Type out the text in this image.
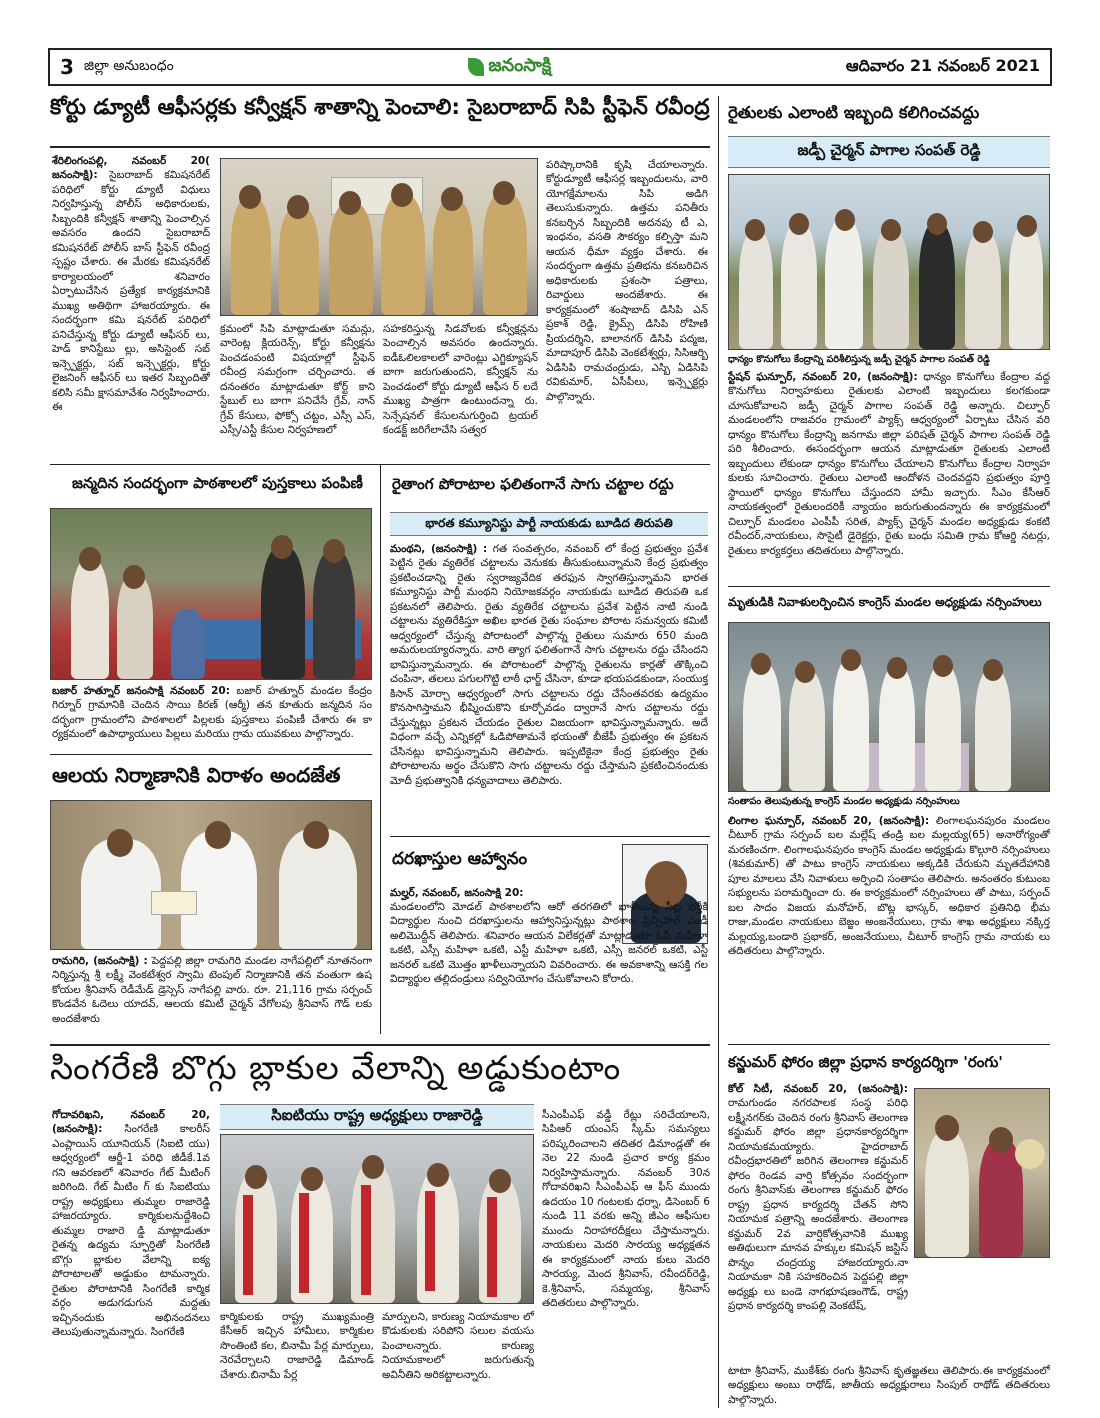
3 జిల్లా అనుబంధం	జనంసాక్షి	ఆదివారం 21 నవంబర్ 2021
కోర్టు డ్యూటీ ఆఫీసర్లకు కన్వీక్షన్ శాతాన్ని పెంచాలి: సైబరాబాద్ సిపి స్టీఫెన్ రవీంద్ర
శేరిలింగంపల్లి, నవంబర్ 20( జనంసాక్షి): సైబరాబాద్ కమిషనరేట్ పరిధిలో కోర్టు డ్యూటీ విధులు నిర్వహిస్తున్న పోలీస్ అధికారులకు, సిబ్బందికి కన్వీక్షన్ శాతాన్ని పెంచాల్సిన అవసరం ఉందని సైబరాబాద్ కమిషనరేట్ పోలీస్ బాస్ స్టీఫెన్ రవీంద్ర స్పష్టం చేశారు. ఈ మేరకు కమిషనరేట్ కార్యాలయంలో శనివారం ఏర్పాటుచేసిన ప్రత్యేక కార్యక్రమానికి ముఖ్య అతిథిగా హాజరయ్యారు. ఈ సందర్భంగా కమి షనరేట్ పరిధిలో పనిచేస్తున్న కోర్టు డ్యూటీ ఆఫీసర్ లు, హెడ్ కానిస్టేబు ల్లు, అసిస్టెంట్ సబ్ ఇన్స్పెక్టర్లు, సబ్ ఇన్స్పెక్టర్లు, కోర్టు లైజనింగ్ ఆఫీసర్ లు ఇతర సిబ్బందితో కలిసి సమీ క్షాసమావేశం నిర్వహించారు. ఈ
క్రమంలో సిపి మాట్లాడుతూ సమన్లు, వారెంట్ల క్లియరెన్స్, కోర్టు కన్వీక్షను పెంచడంపంటి విషయాల్లో స్టీఫెన్ రవీంద్ర సమగ్రంగా చర్చించారు. త దనంతరం మాట్లాడుతూ కోర్ట్ కాని స్టేబుల్ లు బాగా పనిచేసే గ్రేవ్, నాన్ గ్రేవ్ కేసులు, ఫోక్సో చట్టం, ఎస్సీ ఎస్, ఎస్సీ/ఎస్టీ కేసుల నిర్వహణలో
సహకరిస్తున్న సిడవోలకు కన్వీక్షన్లను పెంచాల్సిన అవసరం ఉందన్నారు. ఐడీఓలిలకాలలో వారెంట్లు ఎగ్జిక్యూషన్ బాగా జరుగుతుందని, కన్వీక్షన్ ను పెంచడంలో కోర్టు డ్యూటీ ఆఫీస ర్ లదే ముఖ్య పాత్రగా ఉంటుందన్నా రు. సెన్సేషనల్ కేసులనుగుర్తించి ట్రయల్ కండక్ట్ జరిగేలాచేసి సత్వర
పరిష్కారానికి కృషి చేయాలన్నారు. కోర్టుడ్యూటీ ఆఫీసర్ల ఇబ్బందులను, వారి యోగక్షేమాలను సిపి అడిగి తెలుసుకున్నారు. ఉత్తమ పనితీరు కనబర్చిన సిబ్బందికి అదనపు టీ ఎ, ఇంధనం, వసతి సౌకర్యం కల్పిస్తా మని ఆయన ధీమా వ్యక్తం చేశారు. ఈ సందర్భంగా ఉత్తమ ప్రతిభను కనబరిచిన అధికారులకు ప్రశంసా పత్రాలు, రివార్డులు అందజేశారు. ఈ కార్యక్రమంలో శంషాబాద్ డిసిపి ఎన్ ప్రకాశ్ రెడ్డి, క్రైమ్స్ డిసిపి రోహిణి ప్రియదర్శిని, బాలానగర్ డిసిపి పద్మజ, మాదాపూర్ డిసిపి వెంకటేశ్వర్లు, సిసిఆర్బి ఏడిసిపి రామచంద్రుడు, ఎస్బి ఏడిసిపి రవికుమార్, ఏసీపీలు, ఇన్స్పెక్టర్లు పాల్గొన్నారు.
జన్మదిన సందర్భంగా పాఠశాలలో పుస్తకాలు పంపిణీ
బజార్ హత్నూర్ జనంసాక్షి నవంబర్ 20: బజార్ హత్నూర్ మండల కేంద్రం గిర్నూర్ గ్రామానికి చెందిన సాయి కిరణ్ (ఆర్మీ) తన కూతురు జన్మదిన సం దర్భంగా గ్రామంలోని పాఠశాలలో పిల్లలకు పుస్తకాలు పంపిణీ చేశారు ఈ కా ర్యక్రమంలో ఉపాధ్యాయులు పిల్లలు మరియు గ్రామ యువకులు పాల్గొన్నారు.
ఆలయ నిర్మాణానికి విరాళం అందజేత
రామగిరి, (జనంసాక్షి) : పెద్దపల్లి జిల్లా రామగిరి మండల నాగేపల్లిలో నూతనంగా నిర్మిస్తున్న శ్రీ లక్ష్మీ వెంకటేశ్వర స్వామి టెంపుల్ నిర్మాణానికి తన వంతుగా ఉష కోయల శ్రీనివాస్ రెడీమేడ్ డ్రెస్సెస్ నాగేపల్లి వారు. రూ. 21,116 గ్రామ సర్పంచ్ కొండవేన ఓదెలు యాదవ్, ఆలయ కమిటీ చైర్మన్ వేగోలపు శ్రీనివాస్ గౌడ్ లకు అందజేశారు
రైతాంగ పోరాటాల ఫలితంగానే సాగు చట్టాల రద్దు
భారత కమ్యూనిస్టు పార్టీ నాయకుడు బూడిద తిరుపతి
మంథని, (జనంసాక్షి) : గత సంవత్సరం, నవంబర్ లో కేంద్ర ప్రభుత్వం ప్రవేశ పెట్టిన రైతు వ్యతిరేక చట్టాలను వెనుకకు తీసుకుంటున్నామని కేంద్ర ప్రభుత్వం ప్రకటించడాన్ని రైతు స్వరాజ్యవేదిక తరఫున స్వాగతిస్తున్నామని భారత కమ్యూనిస్టు పార్టీ మంథని నియోజకవర్గం నాయకుడు బూడిద తిరుపతి ఒక ప్రకటనలో తెలిపారు. రైతు వ్యతిరేక చట్టాలను ప్రవేశ పెట్టిన నాటి నుండి చట్టాలను వ్యతిరేకిస్తూ అఖిల భారత రైతు సంఘాల పోరాట సమన్వయ కమిటీ ఆధ్వర్యంలో చేస్తున్న పోరాటంలో పాల్గొన్న రైతులు సుమారు 650 మంది అమరులయ్యారన్నారు. వారి త్యాగ ఫలితంగానే సాగు చట్టాలను రద్దు చేసిందని భావిస్తున్నామన్నారు. ఈ పోరాటంలో పాల్గొన్న రైతులను కార్లతో తొక్కించి చంపినా, తలలు పగులగొట్టి లాఠీ ఛార్జ్ చేసినా, కూడా భయపడకుండా, సంయుక్త కిసాన్ మోర్చా ఆధ్వర్యంలో సాగు చట్టాలను రద్దు చేసేంతవరకు ఉద్యమం కొనసాగిస్తామని భీష్మించుకొని కూర్చోవడం ద్వారానే సాగు చట్టాలను రద్దు చేస్తున్నట్లు ప్రకటన చేయడం రైతుల విజయంగా భావిస్తున్నామన్నారు. అదే విధంగా వచ్చే ఎన్నికల్లో ఓడిపోతామనే భయంతో బీజేపీ ప్రభుత్వం ఈ ప్రకటన చేసినట్లు భావిస్తున్నామని తెలిపారు. ఇప్పటికైనా కేంద్ర ప్రభుత్వం రైతు పోరాటాలను అర్థం చేసుకొని సాగు చట్టాలను రద్దు చేస్తామని ప్రకటించినందుకు మోదీ ప్రభుత్వానికి ధన్యవాదాలు తెలిపారు.
దరఖాస్తుల ఆహ్వానం
మల్హర్, నవంబర్, జనంసాక్షి 20:
మండలంలోని మోడల్ పాఠశాలలోని ఆరో తరగతిలో ఖాళీలున్న సీట్ల భర్తీకి విద్యార్థుల నుంచి దరఖాస్తులను ఆహ్వానిస్తున్నట్లు పాఠశాల ప్రిన్సిపాల్ ఎండీ అలిమొద్దీన్ తెలిపారు. శనివారం ఆయన విలేకర్లతో మాట్లాడుతూ ఓసీ మహిళా ఒకటి, ఎస్సీ మహిళా ఒకటి, ఎస్టీ మహిళా ఒకటి, ఎస్సీ జనరల్ ఒకటి, ఎస్టీ జనరల్ ఒకటి మొత్తం ఖాళీలున్నాయని వివరించారు. ఈ అవకాశాన్ని ఆసక్తి గల విద్యార్థుల తల్లిదండ్రులు సద్వినియోగం చేసుకోవాలని కోరారు.
రైతులకు ఎలాంటి ఇబ్బంది కలిగించవద్దు
జడ్పీ చైర్మన్ పాగాల సంపత్ రెడ్డి
ధాన్యం కొనుగోలు కేంద్రాన్ని పరిశీలిస్తున్న జడ్పీ చైర్మన్ పాగాల సంపత్ రెడ్డి
స్టేషన్ ఘన్పూర్, నవంబర్ 20, (జనంసాక్షి): ధాన్యం కొనుగోలు కేంద్రాల వద్ద కొనుగోలు నిర్వాహకులు రైతులకు ఎలాంటి ఇబ్బందులు కలగకుండా చూసుకోవాలని జడ్పీ చైర్మన్ పాగాల సంపత్ రెడ్డి అన్నారు. చిల్పూర్ మండలంలోని రాజవరం గ్రామంలో ప్యాక్స్ ఆధ్వర్యంలో ఏర్పాటు చేసిన వరి ధాన్యం కొనుగోలు కేంద్రాన్ని జనగామ జిల్లా పరిషత్ చైర్మన్ పాగాల సంపత్ రెడ్డి పరి శీలించారు. ఈసందర్భంగా ఆయన మాట్లాడుతూ రైతులకు ఎలాంటి ఇబ్బందులు లేకుండా ధాన్యం కొనుగోలు చేయాలని కొనుగోలు కేంద్రాల నిర్వాహ కులకు సూచించారు. రైతులు ఎలాంటి ఆందోళన చెందవద్దని ప్రభుత్వం పూర్తి స్థాయిలో ధాన్యం కొనుగోలు చేస్తుందని హామీ ఇచ్చారు. సీఎం కేసీఆర్ నాయకత్వంలో రైతులందరికీ న్యాయం జరుగుతుందన్నారు ఈ కార్యక్రమంలో చిల్పూర్ మండలం ఎంపీపీ సరిత, ప్యాక్స్ చైర్మన్ మండల అధ్యక్షుడు కంకటి రవీందర్,నాయకులు, సొసైటీ డైరెక్టర్లు, రైతు బంధు సమితి గ్రామ కోఆర్డి నటర్లు, రైతులు కార్యకర్తలు తదితరులు పాల్గొన్నారు.
మృతుడికి నివాళులర్పించిన కాంగ్రెస్ మండల అధ్యక్షుడు నర్సింహులు
సంతాపం తెలుపుతున్న కాంగ్రెస్ మండల అధ్యక్షుడు నర్సింహులు
లింగాల ఘన్పూర్, నవంబర్ 20, (జనంసాక్షి): లింగాలఘనపురం మండలం చీటూర్ గ్రామ సర్పంచ్ బల మల్లేష్ తండ్రి బల మల్లయ్య(65) అనారోగ్యంతో మరణించగా. లింగాలఘనపురం కాంగ్రెస్ మండల అధ్యక్షుడు కొల్గూరి నర్సింహులు (శివకుమార్) తో పాటు కాంగ్రెస్ నాయకులు అక్కడికి చేరుకుని మృతదేహానికి పూల మాలలు వేసి నివాళులు అర్పించి సంతాపం తెలిపారు. అనంతరం కుటుంబ సభ్యులను పరామర్శించా రు. ఈ కార్యక్రమంలో నర్సింహులు తో పాటు, సర్పంచ్ బల సాదం విజయ మనోహర్, బొట్ల భాస్కర్, అధికార ప్రతినిధి భీమ రాజు,మండల నాయకులు బెజ్జం అంజనేయులు, గ్రామ శాఖ అధ్యక్షులు నక్కిర్త మల్లయ్య,బండారి ప్రభాకర్, అంజనేయులు, చీటూర్ కాంగ్రెస్ గ్రామ నాయకు లు తదితరులు పాల్గొన్నారు.
కన్జుమర్ ఫోరం జిల్లా ప్రధాన కార్యదర్శిగా 'రంగు'
కోల్ సిటీ, నవంబర్ 20, (జనంసాక్షి): రామగుండం నగరపాలక సంస్థ పరిధి లక్ష్మీనగర్‌కు చెందిన రంగు శ్రీనివాస్ తెలంగాణ కన్జుమర్ ఫోరం జిల్లా ప్రధానకార్యదర్శిగా నియామకమయ్యారు. హైదరాబాద్ రవీంద్రభారతిలో జరిగిన తెలంగాణ కన్జుమర్ ఫోరం రెండవ వార్షి కోత్సవం సందర్భంగా రంగు శ్రీనివాస్‌కు తెలంగాణ కన్జుమర్ ఫోరం రాష్ట్ర ప్రధాన కార్యదర్శి చేతన్ సోని నియామక పత్రాన్ని అందజేశారు. తెలంగాణ కన్జుమర్ 2వ వార్షికోత్సవానికి ముఖ్య అతిథులుగా మానవ హక్కుల కమిషన్ జస్టిస్ పొన్నం చంద్రయ్య హాజరయ్యారు.నా నియామకా నికి సహకరించిన పెద్దపల్లి జిల్లా అధ్యక్షు లు బండె నాగభూషణంగౌడ్, రాష్ట్ర ప్రధాన కార్యదర్శి కాంపల్లి వెంకటేష్,
టాటా శ్రీనివాస్, ముకేశ్‌కు రంగు శ్రీనివాస్ కృతజ్ఞతలు తెలిపారు.ఈ కార్యక్రమంలో అధ్యక్షులు అంబు రాథోడ్, జాతీయ అధ్యక్షురాలు సింపుల్ రాథోడ్ తదితరులు పాల్గొన్నారు.
సింగరేణి బొగ్గు బ్లాకుల వేలాన్ని అడ్డుకుంటాం
గోదావరిఖని, నవంబర్ 20, (జనంసాక్షి): సింగరేణి కాలరీస్ ఎంప్లాయిస్ యూనియన్ (సిఐటి యు) ఆధ్వర్యంలో ఆర్జీ-1 పరిధి జీడీకే.1వ గని ఆవరణలో శనివారం గేట్ మీటింగ్ జరిగింది. గేట్ మీటిం గ్ కు సిఐటియు రాష్ట్ర అధ్యక్షులు తుమ్మల రాజారెడ్డి హాజరయ్యారు. కార్మికులనుద్దేశించి తుమ్మల రాజారె డ్డి మాట్లాడుతూ రైతన్న ఉద్యమ స్ఫూర్తితో సింగరేణి బొగ్గు బ్లాకుల వేలాన్ని ఐక్య పోరాటాలతో అడ్డుకుం టామన్నారు. రైతుల పోరాటానికి సింగరేణి కార్మిక వర్గం అడుగడుగున మద్దతు ఇచ్చినందుకు అభినందనలు తెలుపుతున్నామన్నారు. సింగరేణి
సిఐటియు రాష్ట్ర అధ్యక్షులు రాజారెడ్డి
కార్మికులకు రాష్ట్ర ముఖ్యమంత్రి కేసీఆర్ ఇచ్చిన హామీలు, కార్మికుల సొంతింటి కల, బినామీ పేర్ల మార్పులు, నెరవేర్చాలని రాజారెడ్డి డిమాండ్ చేశారు.బినామీ పేర్ల
మార్పులని, కారుణ్య నియామకాల లో కొడుకులకు సరిపోని సలుల వయసు పెంచాలన్నారు. కారుణ్య నియామకాలలో జరుగుతున్న అవినీతిని అరికట్టాలన్నారు.
సీఎంపీఎఫ్ వడ్డీ రేట్లు సరిచేయాలని, సిపిఆర్ యంఎస్ స్కీమ్ సమస్యలు పరిష్కరించాలని తదితర డిమాండ్లతో ఈ నెల 22 నుండి ప్రచార కార్య క్రమం నిర్వహిస్తామన్నారు. నవంబర్ 30న గోదావరిఖని సీఎంపీఎఫ్ ఆ ఫీస్ ముందు ఉదయం 10 గంటలకు ధర్నా, డిసెంబర్ 6 నుండి 11 వరకు అన్ని జీఎం ఆఫీసుల ముందు నిరాహారదీక్షలు చేస్తామన్నారు. నాయకులు మెదరి సారయ్య అధ్యక్షతన ఈ కార్యక్రమంలో నాయ కులు మెదరి సారయ్య, మెంద శ్రీనివాస్, రవీందర్‌రెడ్డి, కె.శ్రీనివాస్, సమ్మయ్య, శ్రీనివాస్ తదితరులు పాల్గొన్నారు.
